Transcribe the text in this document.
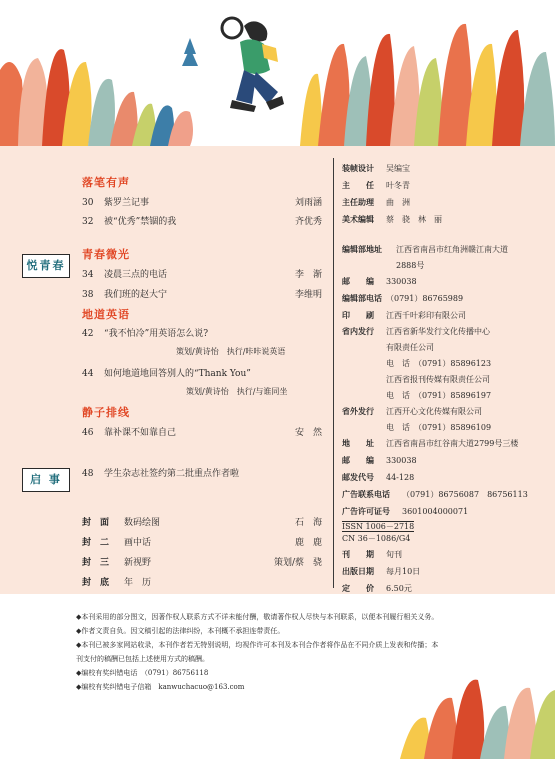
悦青春
启 事
落笔有声
30 紫罗兰记事	刘雨涵
32 被“优秀”禁锢的我	齐优秀
青春微光
34 凌晨三点的电话	李　渐
38 我们班的赵大宁	李维明
地道英语
42 “我不怕冷”用英语怎么说?
策划/黄诗怡　执行/咔咔说英语
44 如何地道地回答别人的“Thank You”
策划/黄诗怡　执行/与谁同坐
静子排线
46 靠补课不如靠自己	安　然
48 学生杂志社签约第二批重点作者啦
封　面 数码绘图	石　海
封　二 画中话	鹿　鹿
封　三 新视野	策划/蔡　骁
封　底 年　历
装帧设计 吴编宝
主　　任 叶冬青
主任助理 曲　洲
美术编辑 蔡　骁　林　丽
编辑部地址 江西省南昌市红角洲赣江南大道
2888号
邮　　编 330038
编辑部电话 （0791）86765989
印　　刷 江西千叶彩印有限公司
省内发行 江西省新华发行文化传播中心
有限责任公司
电　话　（0791）85896123
江西省报刊传媒有限责任公司
电　话　（0791）85896197
省外发行 江西开心文化传媒有限公司
电　话　（0791）85896109
地　　址 江西省南昌市红谷南大道2799号三楼
邮　　编 330038
邮发代号 44-128
广告联系电话 （0791）86756087　86756113
广告许可证号 3601004000071
ISSN 1006－2718
CN 36－1086/G4
刊　　期 旬刊
出版日期 每月10日
定　　价 6.50元
◆本刊采用的部分图文，因著作权人联系方式不详未能付酬，敬请著作权人尽快与本刊联系，以便本刊履行相关义务。
◆作者文责自负。因文稿引起的法律纠纷，本刊概不承担连带责任。
◆本刊已被多家网站收录，本刊作者若无特别说明，均视作许可本刊及本刊合作者将作品在不同介质上发表和传播；本
刊支付的稿酬已包括上述使用方式的稿酬。
◆编校有奖纠错电话　（0791）86756118
◆编校有奖纠错电子信箱　kanwuchacuo@163.com
